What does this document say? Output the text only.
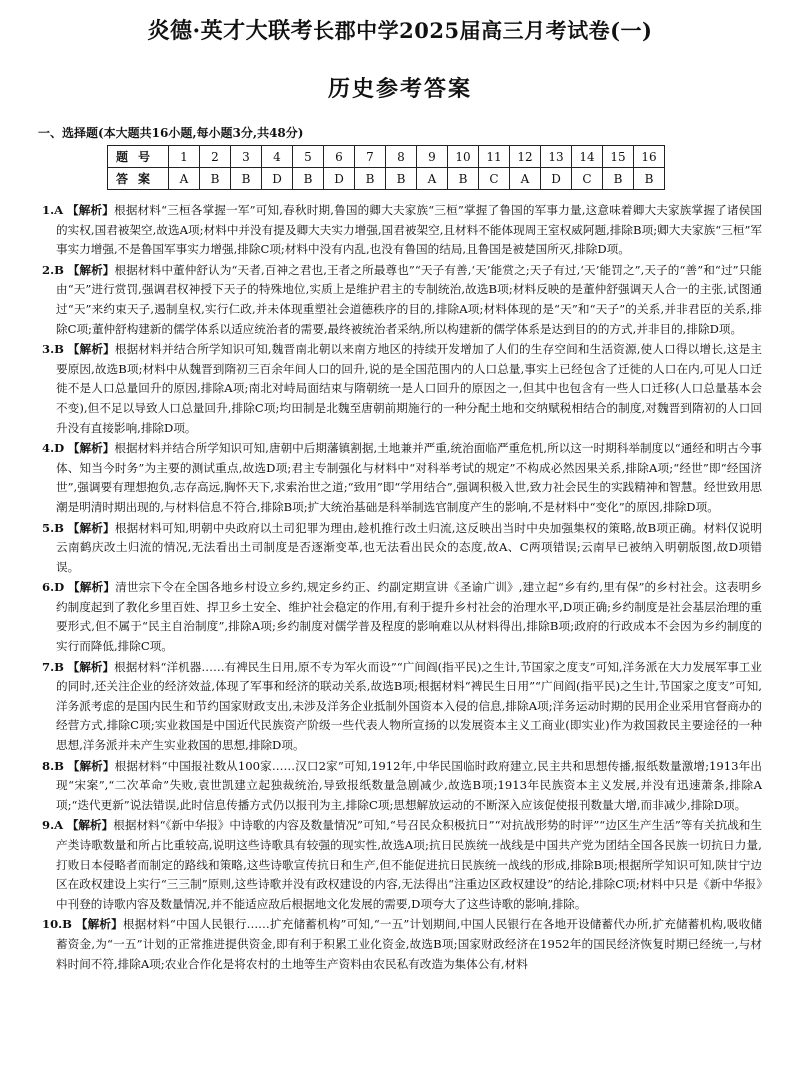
炎德·英才大联考长郡中学2025届高三月考试卷(一)
历史参考答案
一、选择题(本大题共16小题,每小题3分,共48分)
题号	1	2	3	4	5	6	7	8	9	10	11	12	13	14	15	16
答案	A	B	B	D	B	D	B	B	A	B	C	A	D	C	B	B
1.A 【解析】根据材料“三桓各掌握一军”可知,春秋时期,鲁国的卿大夫家族“三桓”掌握了鲁国的军事力量,这意味着卿大夫家族掌握了诸侯国的实权,国君被架空,故选A项;材料中并没有提及卿大夫实力增强,国君被架空,且材料不能体现周王室权威阿题,排除B项;卿大夫家族“三桓”军事实力增强,不是鲁国军事实力增强,排除C项;材料中没有内乱,也没有鲁国的结局,且鲁国是被楚国所灭,排除D项。
2.B 【解析】根据材料中董仲舒认为“天者,百神之君也,王者之所最尊也”“天子有善,‘天’能赏之;天子有过,‘天’能罚之”,天子的“善”和“过”只能由“天”进行赏罚,强调君权神授下天子的特殊地位,实质上是维护君主的专制统治,故选B项;材料反映的是董仲舒强调天人合一的主张,试图通过“天”来约束天子,遏制皇权,实行仁政,并未体现重塑社会道德秩序的目的,排除A项;材料体现的是“天”和“天子”的关系,并非君臣的关系,排除C项;董仲舒构建新的儒学体系以适应统治者的需要,最终被统治者采纳,所以构建新的儒学体系是达到目的的方式,并非目的,排除D项。
3.B 【解析】根据材料并结合所学知识可知,魏晋南北朝以来南方地区的持续开发增加了人们的生存空间和生活资源,使人口得以增长,这是主要原因,故选B项;材料中从魏晋到隋初三百余年间人口的回升,说的是全国范围内的人口总量,事实上已经包含了迁徙的人口在内,可见人口迁徙不是人口总量回升的原因,排除A项;南北对峙局面结束与隋朝统一是人口回升的原因之一,但其中也包含有一些人口迁移(人口总量基本会不变),但不足以导致人口总量回升,排除C项;均田制是北魏至唐朝前期施行的一种分配土地和交纳赋税相结合的制度,对魏晋到隋初的人口回升没有直接影响,排除D项。
4.D 【解析】根据材料并结合所学知识可知,唐朝中后期藩镇割据,土地兼并严重,统治面临严重危机,所以这一时期科举制度以“通经和明古今事体、知当今时务”为主要的测试重点,故选D项;君主专制强化与材料中“对科举考试的规定”不构成必然因果关系,排除A项;“经世”即“经国济世”,强调要有理想抱负,志存高远,胸怀天下,求索治世之道;“致用”即“学用结合”,强调积极入世,致力社会民生的实践精神和智慧。经世致用思潮是明清时期出现的,与材料信息不符合,排除B项;扩大统治基础是科举制选官制度产生的影响,不是材料中“变化”的原因,排除D项。
5.B 【解析】根据材料可知,明朝中央政府以土司犯罪为理由,趁机推行改土归流,这反映出当时中央加强集权的策略,故B项正确。材料仅说明云南鹤庆改土归流的情况,无法看出土司制度是否逐渐变革,也无法看出民众的态度,故A、C两项错误;云南早已被纳入明朝版图,故D项错误。
6.D 【解析】清世宗下令在全国各地乡村设立乡约,规定乡约正、约副定期宣讲《圣谕广训》,建立起“乡有约,里有保”的乡村社会。这表明乡约制度起到了教化乡里百姓、捍卫乡土安全、维护社会稳定的作用,有利于提升乡村社会的治理水平,D项正确;乡约制度是社会基层治理的重要形式,但不属于“民主自治制度”,排除A项;乡约制度对儒学普及程度的影响难以从材料得出,排除B项;政府的行政成本不会因为乡约制度的实行而降低,排除C项。
7.B 【解析】根据材料“洋机器……有裨民生日用,原不专为军火而设”“广间阎(指平民)之生计,节国家之度支”可知,洋务派在大力发展军事工业的同时,还关注企业的经济效益,体现了军事和经济的联动关系,故选B项;根据材料“裨民生日用”“广间阎(指平民)之生计,节国家之度支”可知,洋务派考虑的是国内民生和节约国家财政支出,未涉及洋务企业抵制外国资本入侵的信息,排除A项;洋务运动时期的民用企业采用官督商办的经营方式,排除C项;实业救国是中国近代民族资产阶级一些代表人物所宣扬的以发展资本主义工商业(即实业)作为救国救民主要途径的一种思想,洋务派并未产生实业救国的思想,排除D项。
8.B 【解析】根据材料“中国报社数从100家……汉口2家”可知,1912年,中华民国临时政府建立,民主共和思想传播,报纸数量激增;1913年出现“宋案”,“二次革命”失败,袁世凯建立起独裁统治,导致报纸数量急剧减少,故选B项;1913年民族资本主义发展,并没有迅速萧条,排除A项;“迭代更新”说法错误,此时信息传播方式仍以报刊为主,排除C项;思想解放运动的不断深入应该促使报刊数量大增,而非减少,排除D项。
9.A 【解析】根据材料“《新中华报》中诗歌的内容及数量情况”可知,“号召民众积极抗日”“对抗战形势的时评”“边区生产生活”等有关抗战和生产类诗歌数量和所占比重较高,说明这些诗歌具有较强的现实性,故选A项;抗日民族统一战线是中国共产党为团结全国各民族一切抗日力量,打败日本侵略者而制定的路线和策略,这些诗歌宣传抗日和生产,但不能促进抗日民族统一战线的形成,排除B项;根据所学知识可知,陕甘宁边区在政权建设上实行“三三制”原则,这些诗歌并没有政权建设的内容,无法得出“注重边区政权建设”的结论,排除C项;材料中只是《新中华报》中刊登的诗歌内容及数量情况,并不能适应敌后根据地文化发展的需要,D项夸大了这些诗歌的影响,排除。
10.B 【解析】根据材料“中国人民银行……扩充储蓄机构”可知,“一五”计划期间,中国人民银行在各地开设储蓄代办所,扩充储蓄机构,吸收储蓄资金,为“一五”计划的正常推进提供资金,即有利于积累工业化资金,故选B项;国家财政经济在1952年的国民经济恢复时期已经统一,与材料时间不符,排除A项;农业合作化是将农村的土地等生产资料由农民私有改造为集体公有,材料
